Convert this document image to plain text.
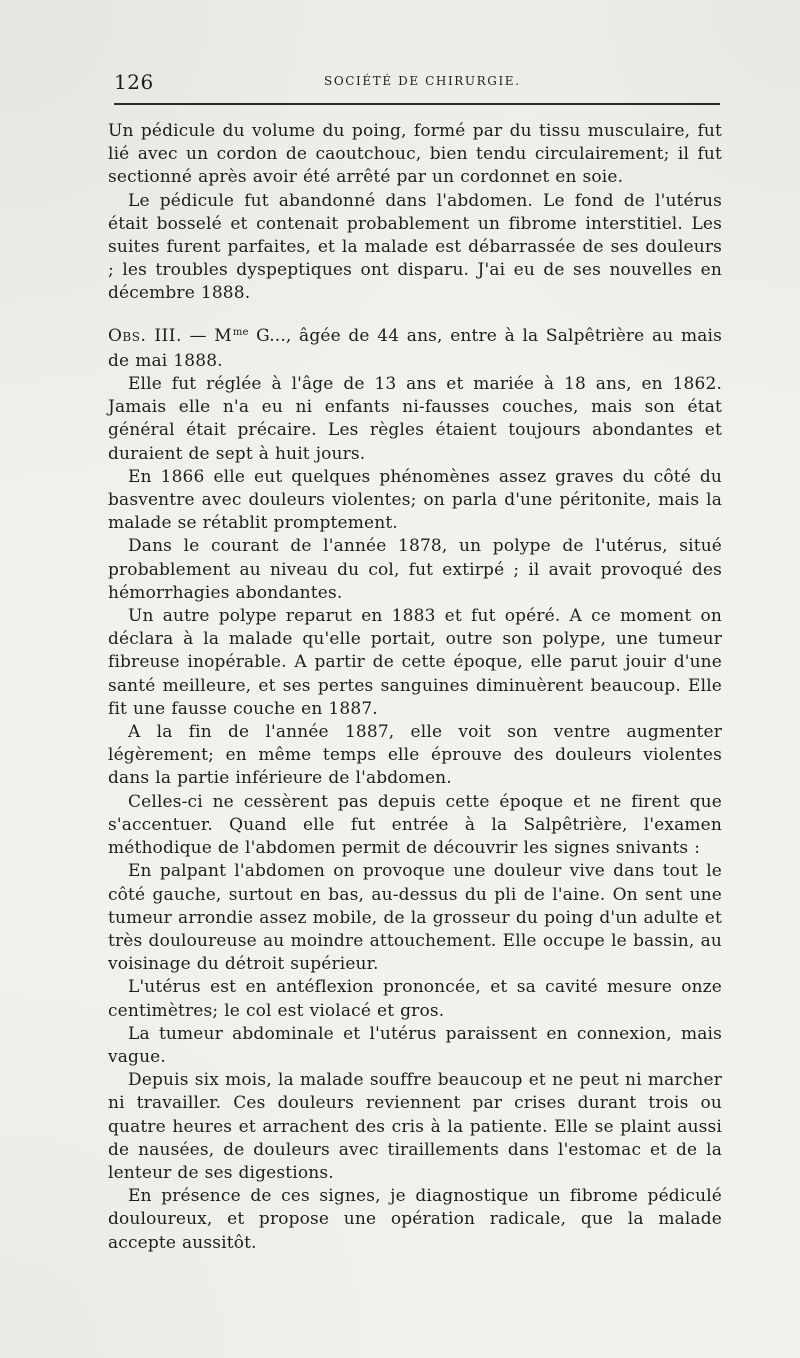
126	SOCIÉTÉ DE CHIRURGIE.

Un pédicule du volume du poing, formé par du tissu musculaire, fut lié avec un cordon de caoutchouc, bien tendu circulairement; il fut sectionné après avoir été arrêté par un cordonnet en soie.

Le pédicule fut abandonné dans l'abdomen. Le fond de l'utérus était bosselé et contenait probablement un fibrome interstitiel. Les suites furent parfaites, et la malade est débarrassée de ses douleurs ; les troubles dyspeptiques ont disparu. J'ai eu de ses nouvelles en décembre 1888.

Obs. III. — $M^{me}$ G..., âgée de 44 ans, entre à la Salpêtrière au mais de mai 1888.

Elle fut réglée à l'âge de 13 ans et mariée à 18 ans, en 1862. Jamais elle n'a eu ni enfants ni-fausses couches, mais son état général était précaire. Les règles étaient toujours abondantes et duraient de sept à huit jours.

En 1866 elle eut quelques phénomènes assez graves du côté du basventre avec douleurs violentes; on parla d'une péritonite, mais la malade se rétablit promptement.

Dans le courant de l'année 1878, un polype de l'utérus, situé probablement au niveau du col, fut extirpé ; il avait provoqué des hémorrhagies abondantes.

Un autre polype reparut en 1883 et fut opéré. A ce moment on déclara à la malade qu'elle portait, outre son polype, une tumeur fibreuse inopérable. A partir de cette époque, elle parut jouir d'une santé meilleure, et ses pertes sanguines diminuèrent beaucoup. Elle fit une fausse couche en 1887.

A la fin de l'année 1887, elle voit son ventre augmenter légèrement; en même temps elle éprouve des douleurs violentes dans la partie inférieure de l'abdomen.

Celles-ci ne cessèrent pas depuis cette époque et ne firent que s'accentuer. Quand elle fut entrée à la Salpêtrière, l'examen méthodique de l'abdomen permit de découvrir les signes snivants :

En palpant l'abdomen on provoque une douleur vive dans tout le côté gauche, surtout en bas, au-dessus du pli de l'aine. On sent une tumeur arrondie assez mobile, de la grosseur du poing d'un adulte et très douloureuse au moindre attouchement. Elle occupe le bassin, au voisinage du détroit supérieur.

L'utérus est en antéflexion prononcée, et sa cavité mesure onze centimètres; le col est violacé et gros.

La tumeur abdominale et l'utérus paraissent en connexion, mais vague.

Depuis six mois, la malade souffre beaucoup et ne peut ni marcher ni travailler. Ces douleurs reviennent par crises durant trois ou quatre heures et arrachent des cris à la patiente. Elle se plaint aussi de nausées, de douleurs avec tiraillements dans l'estomac et de la lenteur de ses digestions.

En présence de ces signes, je diagnostique un fibrome pédiculé douloureux, et propose une opération radicale, que la malade accepte aussitôt.
